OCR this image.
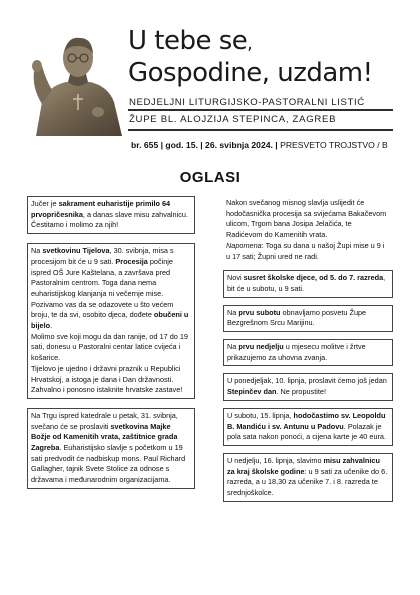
U tebe se,
Gospodine, uzdam!
NEDJELJNI LITURGIJSKO-PASTORALNI LISTIĆ
ŽUPE BL. ALOJZIJA STEPINCA, ZAGREB
br. 655 | god. 15. | 26. svibnja 2024. | PRESVETO TROJSTVO / B
OGLASI
Jučer je sakrament euharistije primilo 64 prvopričesnika, a danas slave misu zahvalnicu. Čestitamo i molimo za njih!
Na svetkovinu Tijelova, 30. svibnja, misa s procesijom bit će u 9 sati. Procesija počinje ispred OŠ Jure Kaštelana, a završava pred Pastoralnim centrom. Toga dana nema euharistijskog klanjanja ni večernje mise. Pozivamo vas da se odazovete u što većem broju, te da svi, osobito djeca, dođete obučeni u bijelo.
Molimo sve koji mogu da dan ranije, od 17 do 19 sati, donesu u Pastoralni centar latice cvijeća i košarice.
Tijelovo je ujedno i državni praznik u Republici Hrvatskoj, a istoga je dana i Dan državnosti. Zahvalno i ponosno istaknite hrvatske zastave!
Na Trgu ispred katedrale u petak, 31. svibnja, svečano će se proslaviti svetkovina Majke Božje od Kamenitih vrata, zaštitnice grada Zagreba. Euharistijsko slavlje s početkom u 19 sati predvodit će nadbiskup mons. Paul Richard Gallagher, tajnik Svete Stolice za odnose s državama i međunarodnim organizacijama.
Nakon svečanog misnog slavlja uslijedit će hodočasnička procesija sa svijećama Bakačevom ulicom, Trgom bana Josipa Jelačića, te Radićevom do Kamenitih vrata.
Napomena: Toga su dana u našoj Župi mise u 9 i u 17 sati; Župni ured ne radi.
Novi susret školske djece, od 5. do 7. razreda, bit će u subotu, u 9 sati.
Na prvu subotu obnavljamo posvetu Župe Bezgrešnom Srcu Marijinu.
Na prvu nedjelju u mjesecu molitve i žrtve prikazujemo za uhovna zvanja.
U ponedjeljak, 10. lipnja, proslavit ćemo još jedan Stepinčev dan. Ne propustite!
U subotu, 15. lipnja, hodočastimo sv. Leopoldu B. Mandiću i sv. Antunu u Padovu. Polazak je pola sata nakon ponoći, a cijena karte je 40 eura.
U nedjelju, 16. lipnja, slavimo misu zahvalnicu za kraj školske godine: u 9 sati za učenike do 6. razreda, a u 18,30 za učenike 7. i 8. razreda te srednjoškolce.
